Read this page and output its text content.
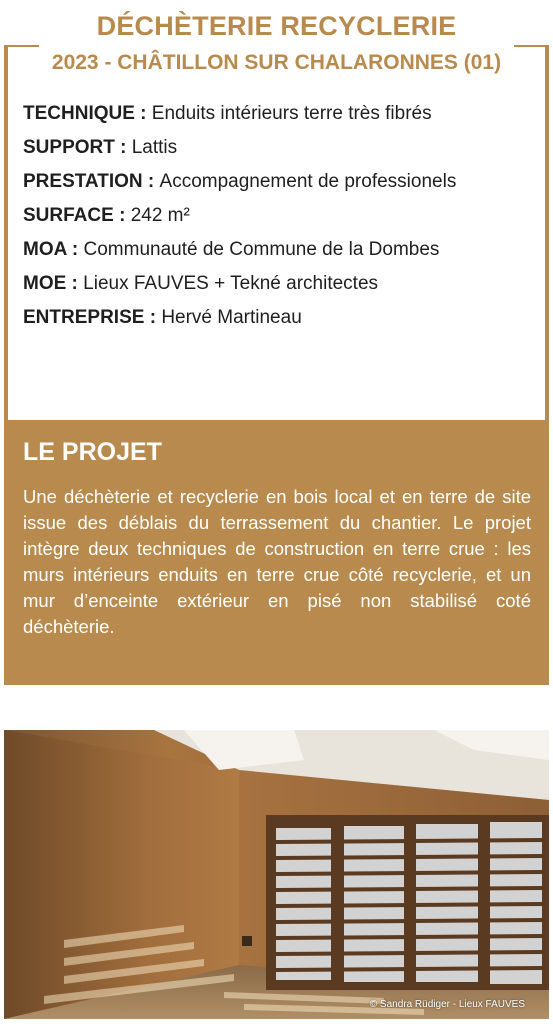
DÉCHÈTERIE RECYCLERIE
2023 - CHÂTILLON SUR CHALARONNES (01)
TECHNIQUE : Enduits intérieurs terre très fibrés
SUPPORT : Lattis
PRESTATION : Accompagnement de professionels
SURFACE : 242 m²
MOA : Communauté de Commune de la Dombes
MOE : Lieux FAUVES + Tekné architectes
ENTREPRISE : Hervé Martineau
LE PROJET
Une déchèterie et recyclerie en bois local et en terre de site issue des déblais du terrassement du chantier. Le projet intègre deux techniques de construction en terre crue : les murs intérieurs enduits en terre crue côté recyclerie, et un mur d’enceinte extérieur en pisé non stabilisé coté déchèterie.
© Sandra Rüdiger - Lieux FAUVES
